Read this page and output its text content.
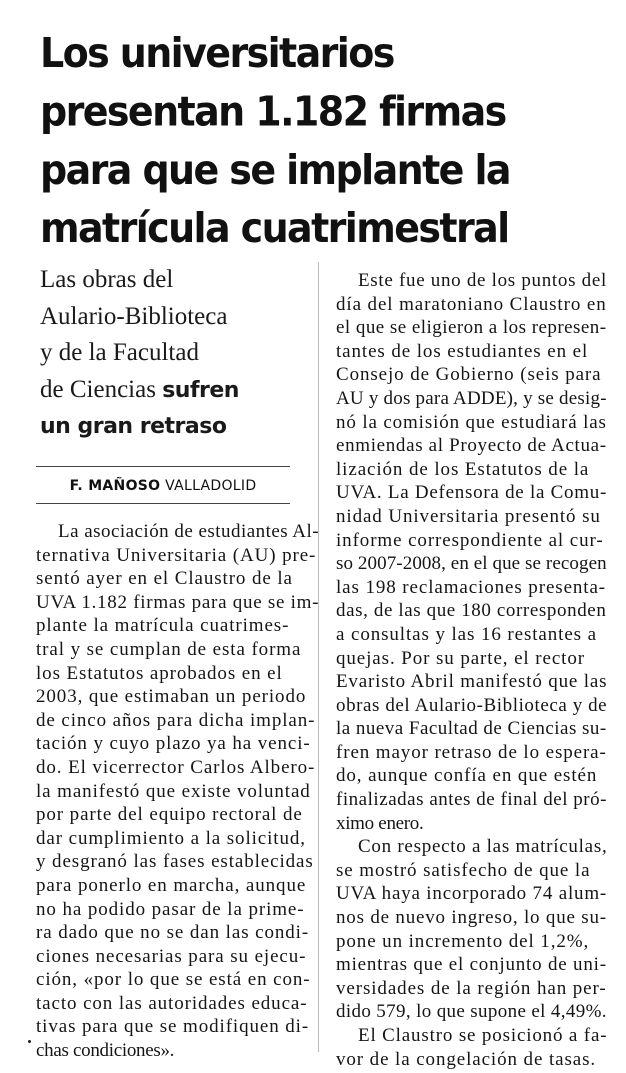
Los universitarios
presentan 1.182 firmas
para que se implante la
matrícula cuatrimestral
Las obras del
Aulario-Biblioteca
y de la Facultad
de Ciencias sufren
un gran retraso
F. MAÑOSO VALLADOLID
La asociación de estudiantes Al-
ternativa Universitaria (AU) pre-
sentó ayer en el Claustro de la
UVA 1.182 firmas para que se im-
plante la matrícula cuatrimes-
tral y se cumplan de esta forma
los Estatutos aprobados en el
2003, que estimaban un periodo
de cinco años para dicha implan-
tación y cuyo plazo ya ha venci-
do. El vicerrector Carlos Albero-
la manifestó que existe voluntad
por parte del equipo rectoral de
dar cumplimiento a la solicitud,
y desgranó las fases establecidas
para ponerlo en marcha, aunque
no ha podido pasar de la prime-
ra dado que no se dan las condi-
ciones necesarias para su ejecu-
ción, «por lo que se está en con-
tacto con las autoridades educa-
tivas para que se modifiquen di-
chas condiciones».
Este fue uno de los puntos del
día del maratoniano Claustro en
el que se eligieron a los represen-
tantes de los estudiantes en el
Consejo de Gobierno (seis para
AU y dos para ADDE), y se desig-
nó la comisión que estudiará las
enmiendas al Proyecto de Actua-
lización de los Estatutos de la
UVA. La Defensora de la Comu-
nidad Universitaria presentó su
informe correspondiente al cur-
so 2007-2008, en el que se recogen
las 198 reclamaciones presenta-
das, de las que 180 corresponden
a consultas y las 16 restantes a
quejas. Por su parte, el rector
Evaristo Abril manifestó que las
obras del Aulario-Biblioteca y de
la nueva Facultad de Ciencias su-
fren mayor retraso de lo espera-
do, aunque confía en que estén
finalizadas antes de final del pró-
ximo enero.
Con respecto a las matrículas,
se mostró satisfecho de que la
UVA haya incorporado 74 alum-
nos de nuevo ingreso, lo que su-
pone un incremento del 1,2%,
mientras que el conjunto de uni-
versidades de la región han per-
dido 579, lo que supone el 4,49%.
El Claustro se posicionó a fa-
vor de la congelación de tasas.
